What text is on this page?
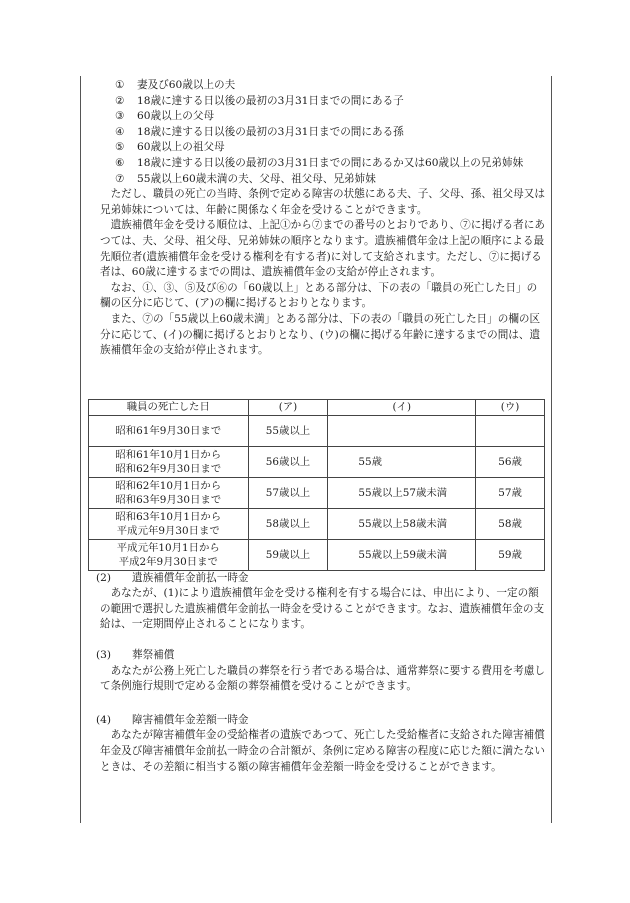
①	妻及び60歳以上の夫
②	18歳に達する日以後の最初の3月31日までの間にある子
③	60歳以上の父母
④	18歳に達する日以後の最初の3月31日までの間にある孫
⑤	60歳以上の祖父母
⑥	18歳に達する日以後の最初の3月31日までの間にあるか又は60歳以上の兄弟姉妹
⑦	55歳以上60歳未満の夫、父母、祖父母、兄弟姉妹
ただし、職員の死亡の当時、条例で定める障害の状態にある夫、子、父母、孫、祖父母又は兄弟姉妹については、年齢に関係なく年金を受けることができます。
遺族補償年金を受ける順位は、上記①から⑦までの番号のとおりであり、⑦に掲げる者にあつては、夫、父母、祖父母、兄弟姉妹の順序となります。遺族補償年金は上記の順序による最先順位者(遺族補償年金を受ける権利を有する者)に対して支給されます。ただし、⑦に掲げる者は、60歳に達するまでの間は、遺族補償年金の支給が停止されます。
なお、①、③、⑤及び⑥の「60歳以上」とある部分は、下の表の「職員の死亡した日」の欄の区分に応じて、(ア)の欄に掲げるとおりとなります。
また、⑦の「55歳以上60歳未満」とある部分は、下の表の「職員の死亡した日」の欄の区分に応じて、(イ)の欄に掲げるとおりとなり、(ウ)の欄に掲げる年齢に達するまでの間は、遺族補償年金の支給が停止されます。
職員の死亡した日	(ア)	(イ)	(ウ)
昭和61年9月30日まで	55歳以上		
昭和61年10月1日から
昭和62年9月30日まで	56歳以上	55歳	56歳
昭和62年10月1日から
昭和63年9月30日まで	57歳以上	55歳以上57歳未満	57歳
昭和63年10月1日から
平成元年9月30日まで	58歳以上	55歳以上58歳未満	58歳
平成元年10月1日から
平成2年9月30日まで	59歳以上	55歳以上59歳未満	59歳
(2)	遺族補償年金前払一時金
あなたが、(1)により遺族補償年金を受ける権利を有する場合には、申出により、一定の額の範囲で選択した遺族補償年金前払一時金を受けることができます。なお、遺族補償年金の支給は、一定期間停止されることになります。
(3)	葬祭補償
あなたが公務上死亡した職員の葬祭を行う者である場合は、通常葬祭に要する費用を考慮して条例施行規則で定める金額の葬祭補償を受けることができます。
(4)	障害補償年金差額一時金
あなたが障害補償年金の受給権者の遺族であつて、死亡した受給権者に支給された障害補償年金及び障害補償年金前払一時金の合計額が、条例に定める障害の程度に応じた額に満たないときは、その差額に相当する額の障害補償年金差額一時金を受けることができます。
